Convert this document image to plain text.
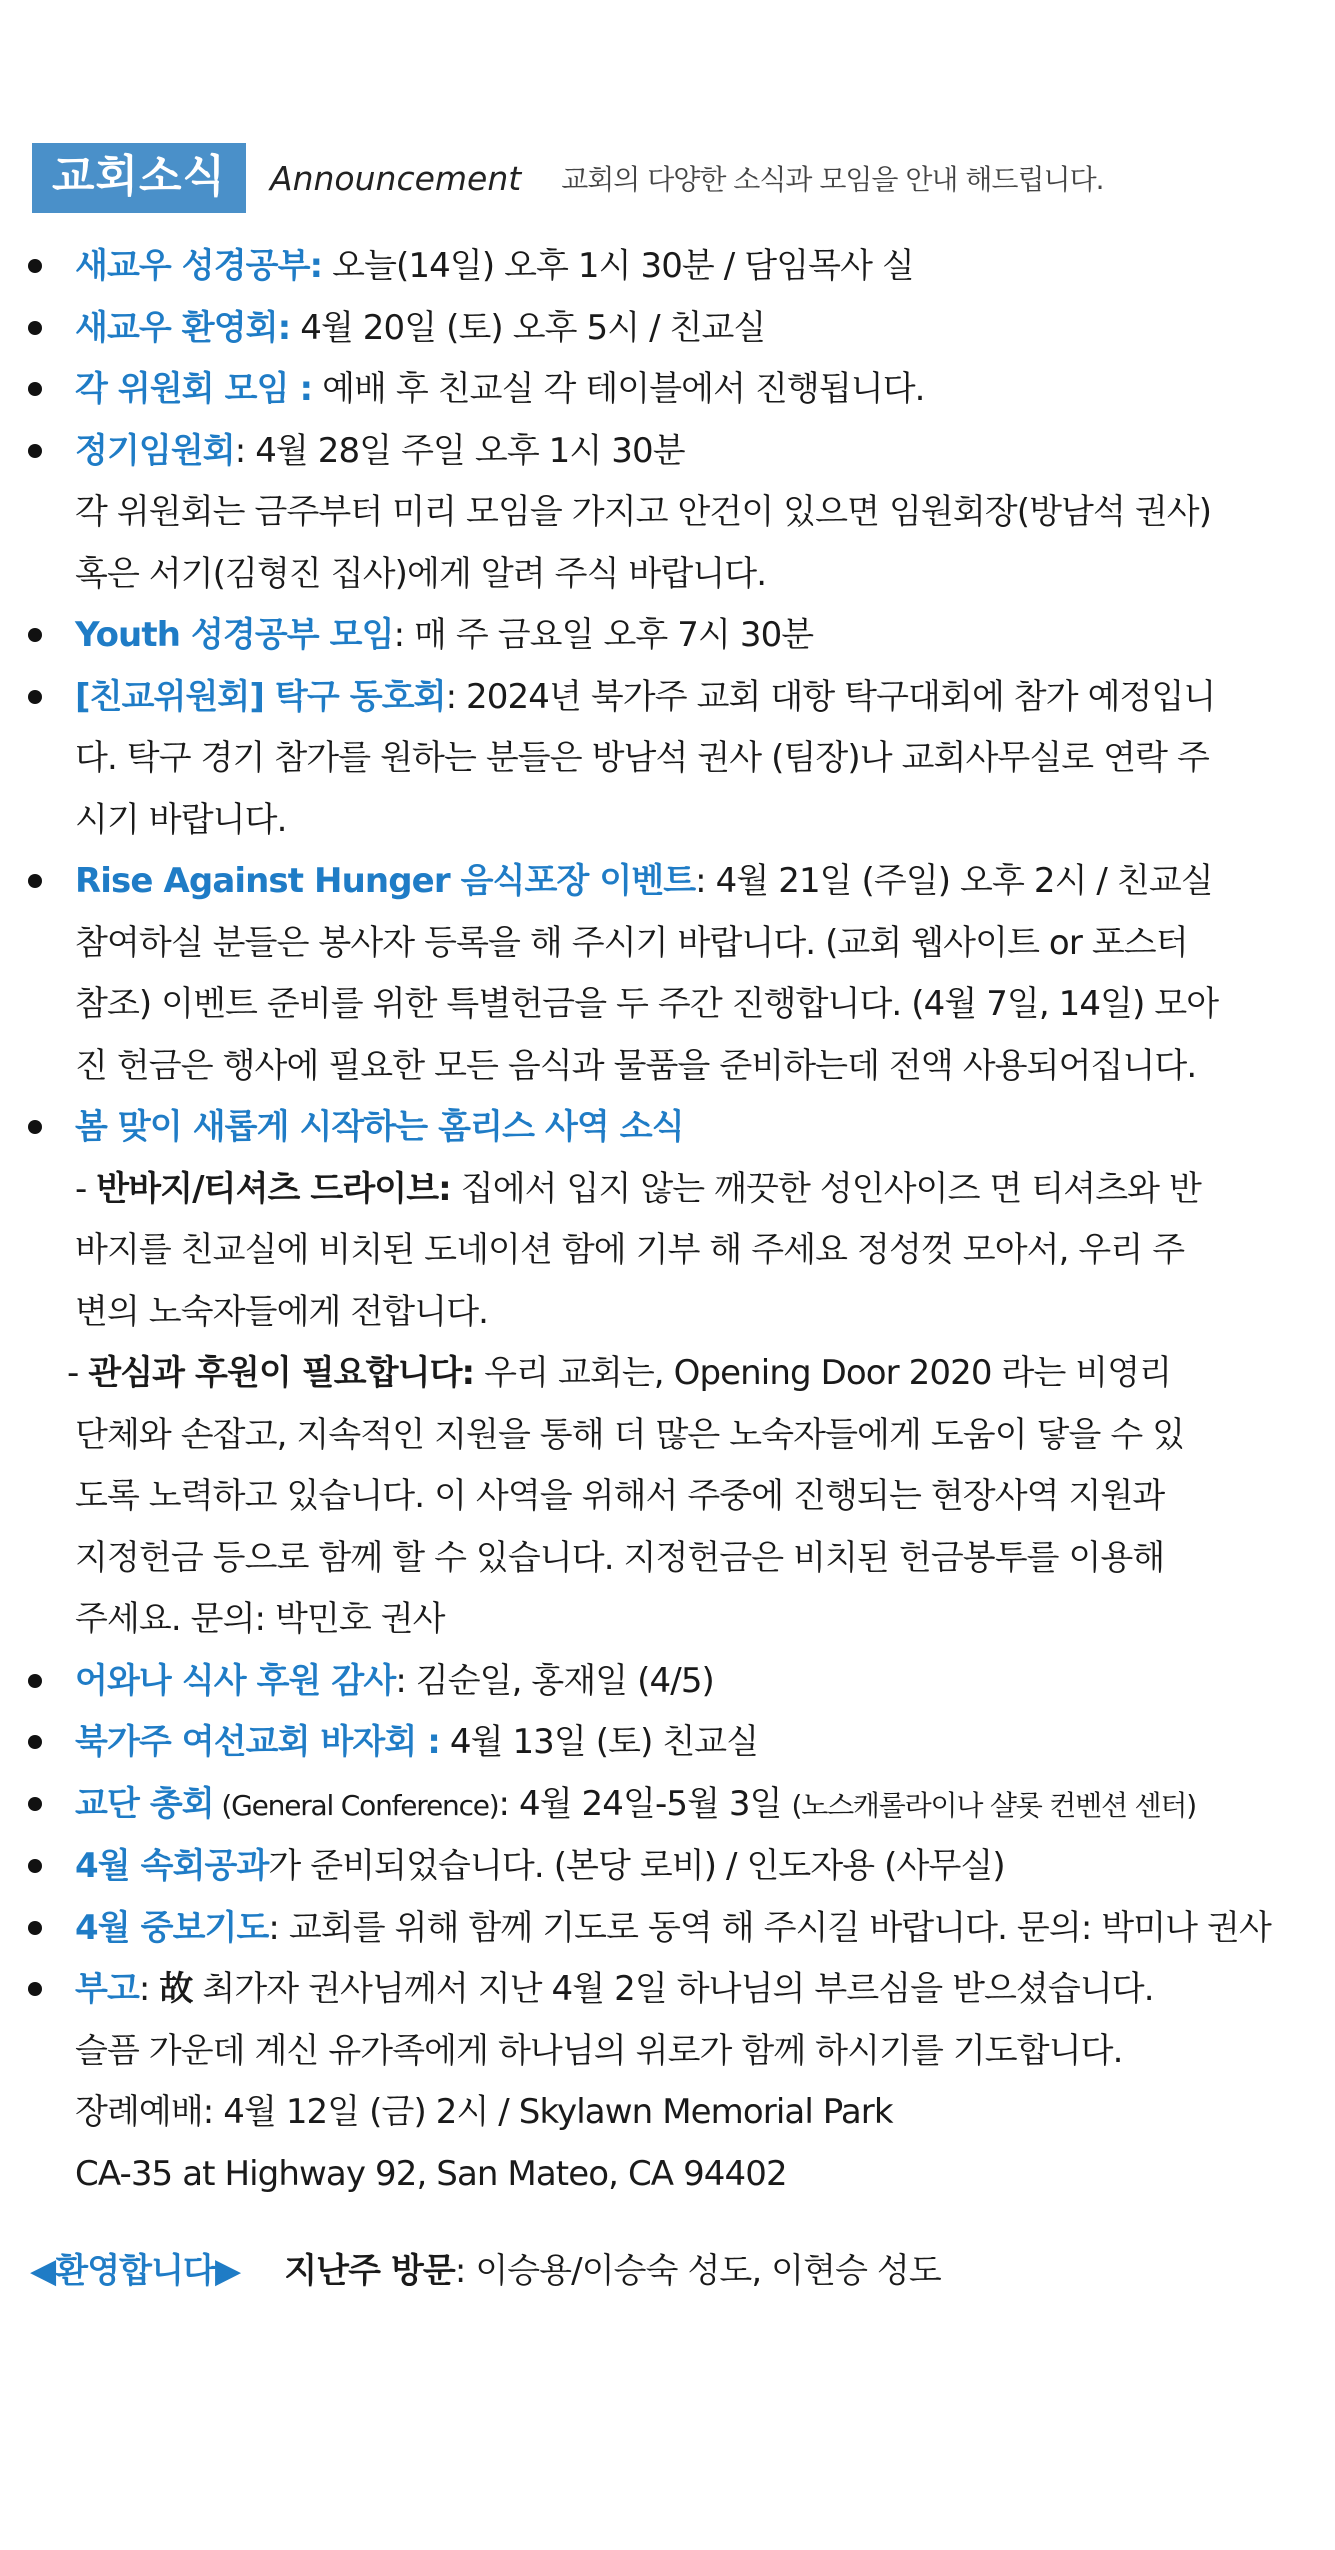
교회소식	Announcement 교회의 다양한 소식과 모임을 안내 해드립니다.
새교우 성경공부: 오늘(14일) 오후 1시 30분 / 담임목사 실
새교우 환영회: 4월 20일 (토) 오후 5시 / 친교실
각 위원회 모임 : 예배 후 친교실 각 테이블에서 진행됩니다.
정기임원회: 4월 28일 주일 오후 1시 30분
각 위원회는 금주부터 미리 모임을 가지고 안건이 있으면 임원회장(방남석 권사)
혹은 서기(김형진 집사)에게 알려 주식 바랍니다.
Youth 성경공부 모임: 매 주 금요일 오후 7시 30분
[친교위원회] 탁구 동호회: 2024년 북가주 교회 대항 탁구대회에 참가 예정입니
다. 탁구 경기 참가를 원하는 분들은 방남석 권사 (팀장)나 교회사무실로 연락 주
시기 바랍니다.
Rise Against Hunger 음식포장 이벤트: 4월 21일 (주일) 오후 2시 / 친교실
참여하실 분들은 봉사자 등록을 해 주시기 바랍니다. (교회 웹사이트 or 포스터
참조) 이벤트 준비를 위한 특별헌금을 두 주간 진행합니다. (4월 7일, 14일) 모아
진 헌금은 행사에 필요한 모든 음식과 물품을 준비하는데 전액 사용되어집니다.
봄 맞이 새롭게 시작하는 홈리스 사역 소식
- 반바지/티셔츠 드라이브: 집에서 입지 않는 깨끗한 성인사이즈 면 티셔츠와 반
바지를 친교실에 비치된 도네이션 함에 기부 해 주세요 정성껏 모아서, 우리 주
변의 노숙자들에게 전합니다.
- 관심과 후원이 필요합니다: 우리 교회는, Opening Door 2020 라는 비영리
단체와 손잡고, 지속적인 지원을 통해 더 많은 노숙자들에게 도움이 닿을 수 있
도록 노력하고 있습니다. 이 사역을 위해서 주중에 진행되는 현장사역 지원과
지정헌금 등으로 함께 할 수 있습니다. 지정헌금은 비치된 헌금봉투를 이용해
주세요. 문의: 박민호 권사
어와나 식사 후원 감사: 김순일, 홍재일 (4/5)
북가주 여선교회 바자회 : 4월 13일 (토) 친교실
교단 총회 (General Conference): 4월 24일-5월 3일 (노스캐롤라이나 샬롯 컨벤션 센터)
4월 속회공과가 준비되었습니다. (본당 로비) / 인도자용 (사무실)
4월 중보기도: 교회를 위해 함께 기도로 동역 해 주시길 바랍니다. 문의: 박미나 권사
부고: 故 최가자 권사님께서 지난 4월 2일 하나님의 부르심을 받으셨습니다.
슬픔 가운데 계신 유가족에게 하나님의 위로가 함께 하시기를 기도합니다.
장례예배: 4월 12일 (금) 2시 / Skylawn Memorial Park
CA-35 at Highway 92, San Mateo, CA 94402
◀환영합니다▶ 지난주 방문: 이승용/이승숙 성도, 이현승 성도
